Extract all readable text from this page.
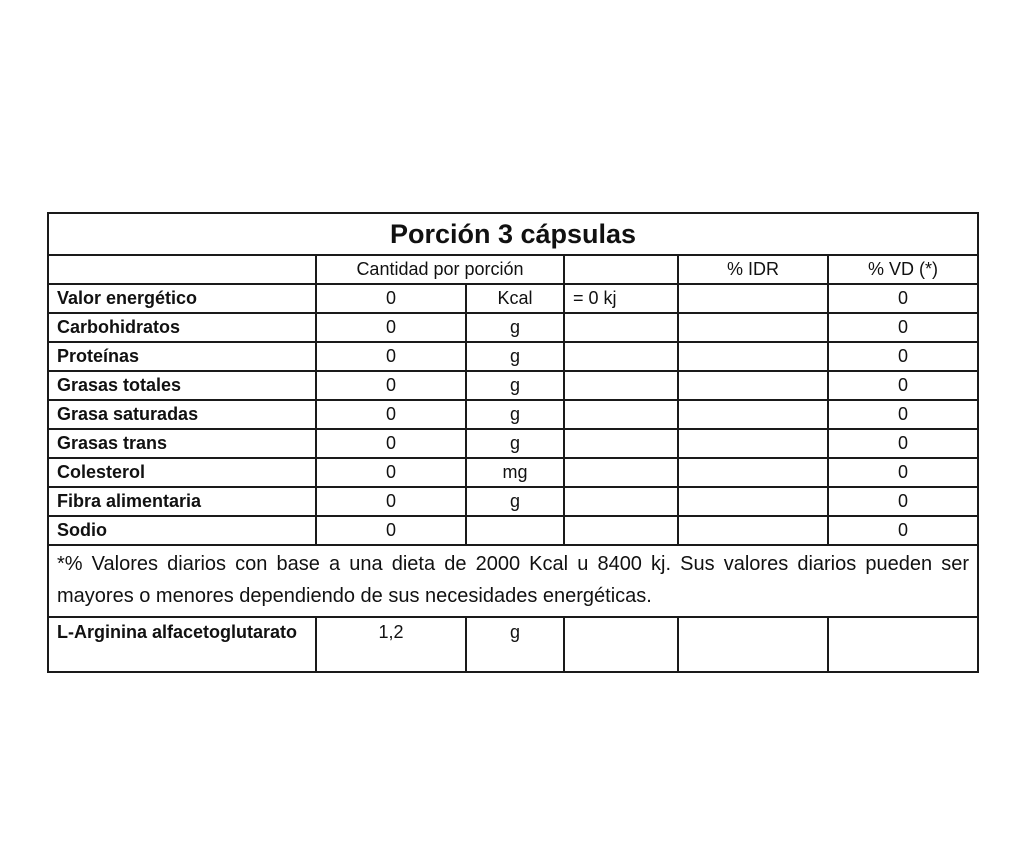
Porción 3 cápsulas					
	Cantidad por porción			% IDR	% VD (*)
Valor energético	0	Kcal	= 0 kj		0
Carbohidratos	0	g			0
Proteínas	0	g			0
Grasas totales	0	g			0
Grasa saturadas	0	g			0
Grasas trans	0	g			0
Colesterol	0	mg			0
Fibra alimentaria	0	g			0
Sodio	0				0
*% Valores diarios con base a una dieta de 2000 Kcal u 8400 kj. Sus valores diarios pueden ser mayores o menores dependiendo de sus necesidades energéticas.					
L-Arginina alfacetoglutarato	1,2	g			
